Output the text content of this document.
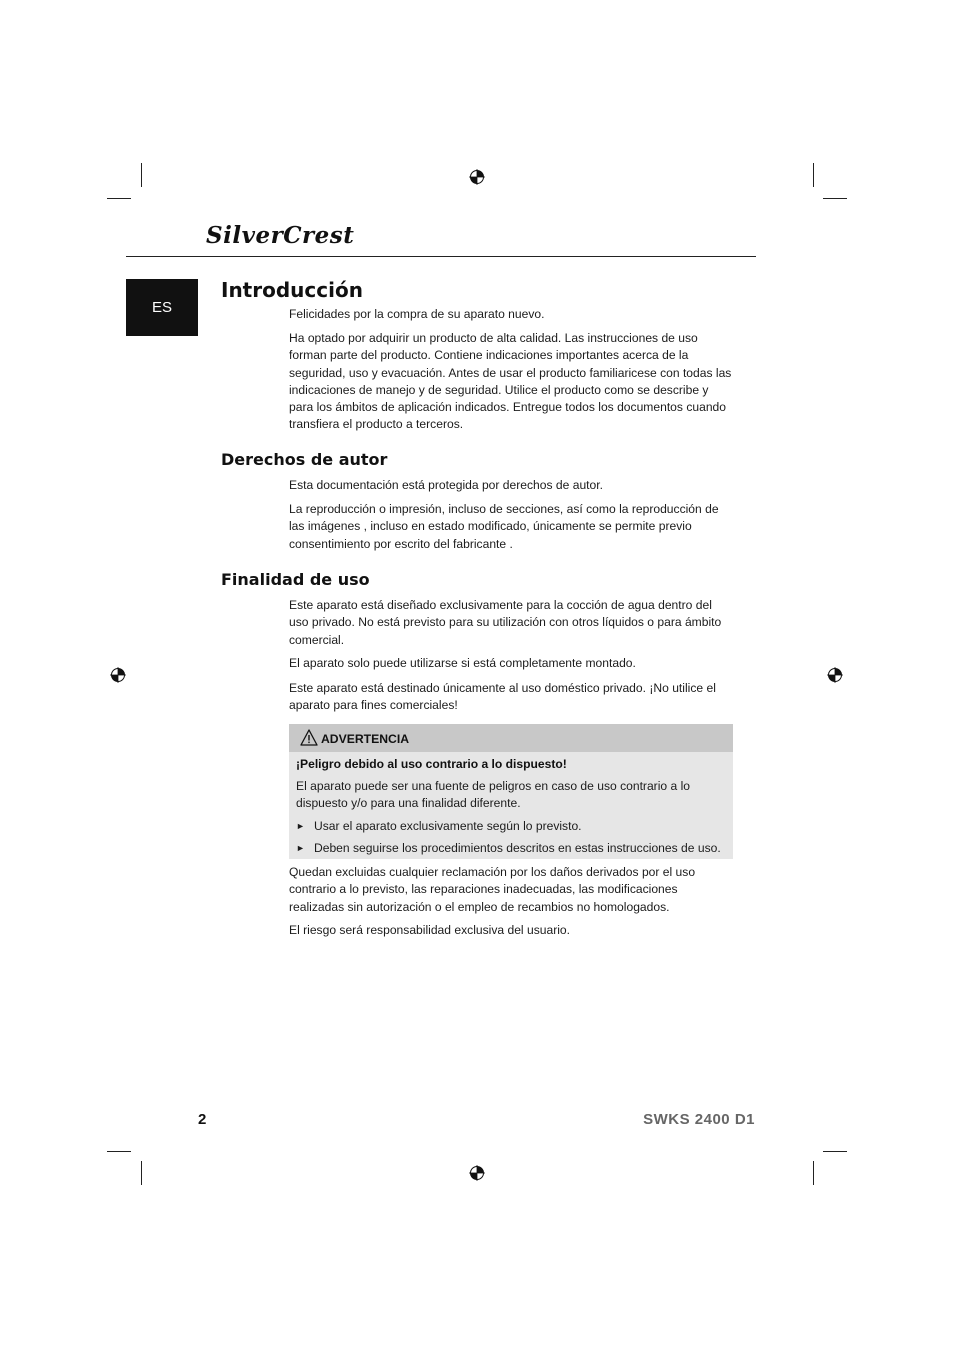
SilverCrest
ES
Introducción

Felicidades por la compra de su aparato nuevo.

Ha optado por adquirir un producto de alta calidad. Las instrucciones de uso forman parte del producto. Contiene indicaciones importantes acerca de la seguridad, uso y evacuación. Antes de usar el producto familiaricese con todas las indicaciones de manejo y de seguridad. Utilice el producto como se describe y para los ámbitos de aplicación indicados. Entregue todos los documentos cuando transfiera el producto a terceros.

Derechos de autor

Esta documentación está protegida por derechos de autor.

La reproducción o impresión, incluso de secciones, así como la reproducción de las imágenes , incluso en estado modificado, únicamente se permite previo consentimiento por escrito del fabricante .

Finalidad de uso

Este aparato está diseñado exclusivamente para la cocción de agua dentro del uso privado. No está previsto para su utilización con otros líquidos o para ámbito comercial.

El aparato solo puede utilizarse si está completamente montado.

Este aparato está destinado únicamente al uso doméstico privado. ¡No utilice el aparato para fines comerciales!

ADVERTENCIA

¡Peligro debido al uso contrario a lo dispuesto!

El aparato puede ser una fuente de peligros en caso de uso contrario a lo dispuesto y/o para una finalidad diferente.

► Usar el aparato exclusivamente según lo previsto.
► Deben seguirse los procedimientos descritos en estas instrucciones de uso.

Quedan excluidas cualquier reclamación por los daños derivados por el uso contrario a lo previsto, las reparaciones inadecuadas, las modificaciones realizadas sin autorización o el empleo de recambios no homologados.

El riesgo será responsabilidad exclusiva del usuario.

2	SWKS 2400 D1
